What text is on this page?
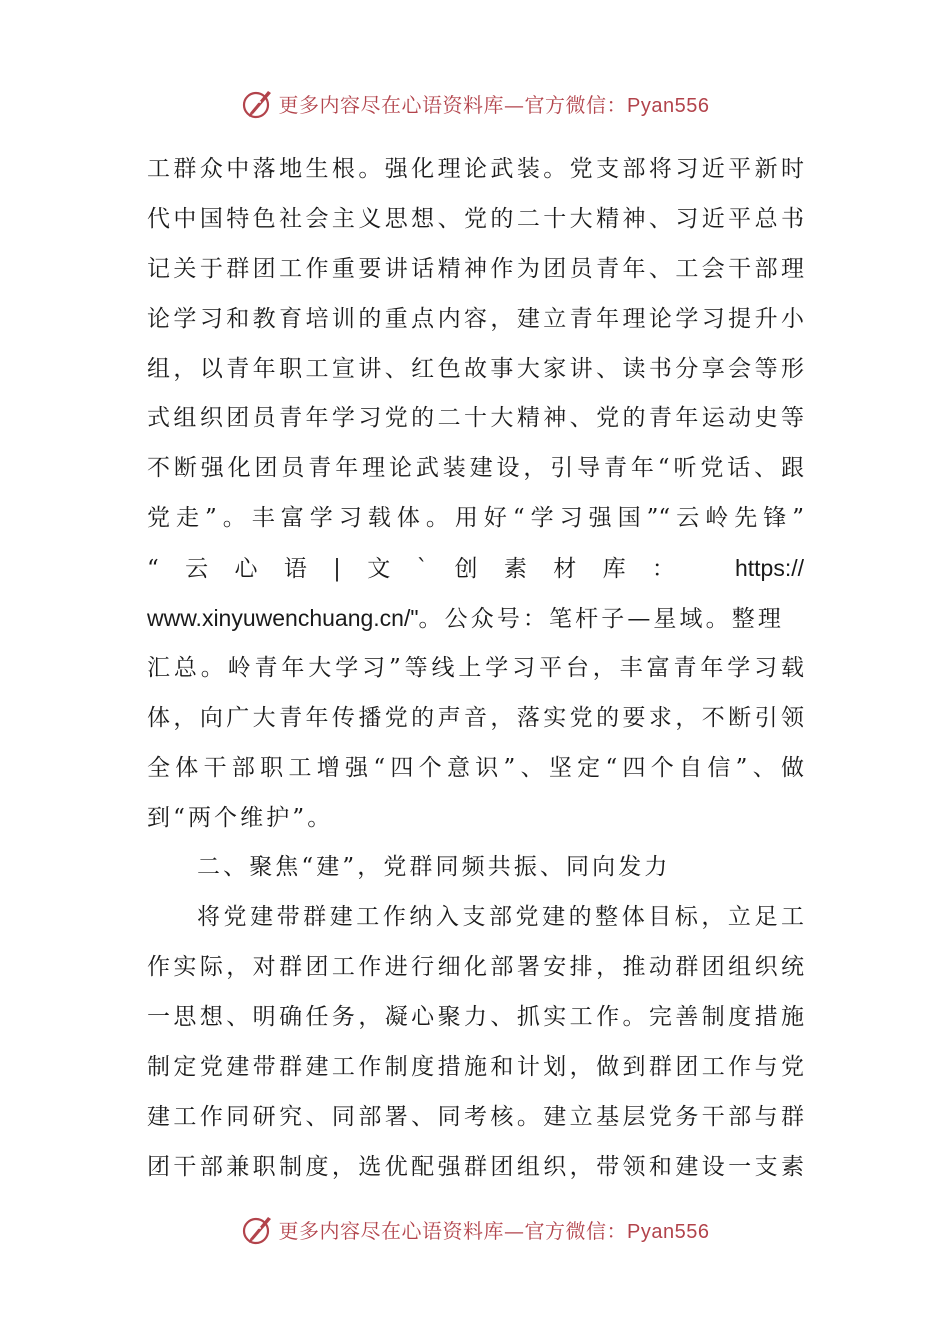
更多内容尽在心语资料库—官方微信：Pyan556
工群众中落地生根。强化理论武装。党支部将习近平新时
代中国特色社会主义思想、党的二十大精神、习近平总书
记关于群团工作重要讲话精神作为团员青年、工会干部理
论学习和教育培训的重点内容，建立青年理论学习提升小
组，以青年职工宣讲、红色故事大家讲、读书分享会等形
式组织团员青年学习党的二十大精神、党的青年运动史等
不断强化团员青年理论武装建设，引导青年“听党话、跟
党走”。丰富学习载体。用好“学习强国”“云岭先锋”
“云心语|文`创素材库： https://
www.xinyuwenchuang.cn/"。公众号：笔杆子—星域。整理
汇总。岭青年大学习”等线上学习平台，丰富青年学习载
体，向广大青年传播党的声音，落实党的要求，不断引领
全体干部职工增强“四个意识”、坚定“四个自信”、做
到“两个维护”。
二、聚焦“建”，党群同频共振、同向发力
将党建带群建工作纳入支部党建的整体目标，立足工
作实际，对群团工作进行细化部署安排，推动群团组织统
一思想、明确任务，凝心聚力、抓实工作。完善制度措施
制定党建带群建工作制度措施和计划，做到群团工作与党
建工作同研究、同部署、同考核。建立基层党务干部与群
团干部兼职制度，选优配强群团组织，带领和建设一支素
更多内容尽在心语资料库—官方微信：Pyan556
